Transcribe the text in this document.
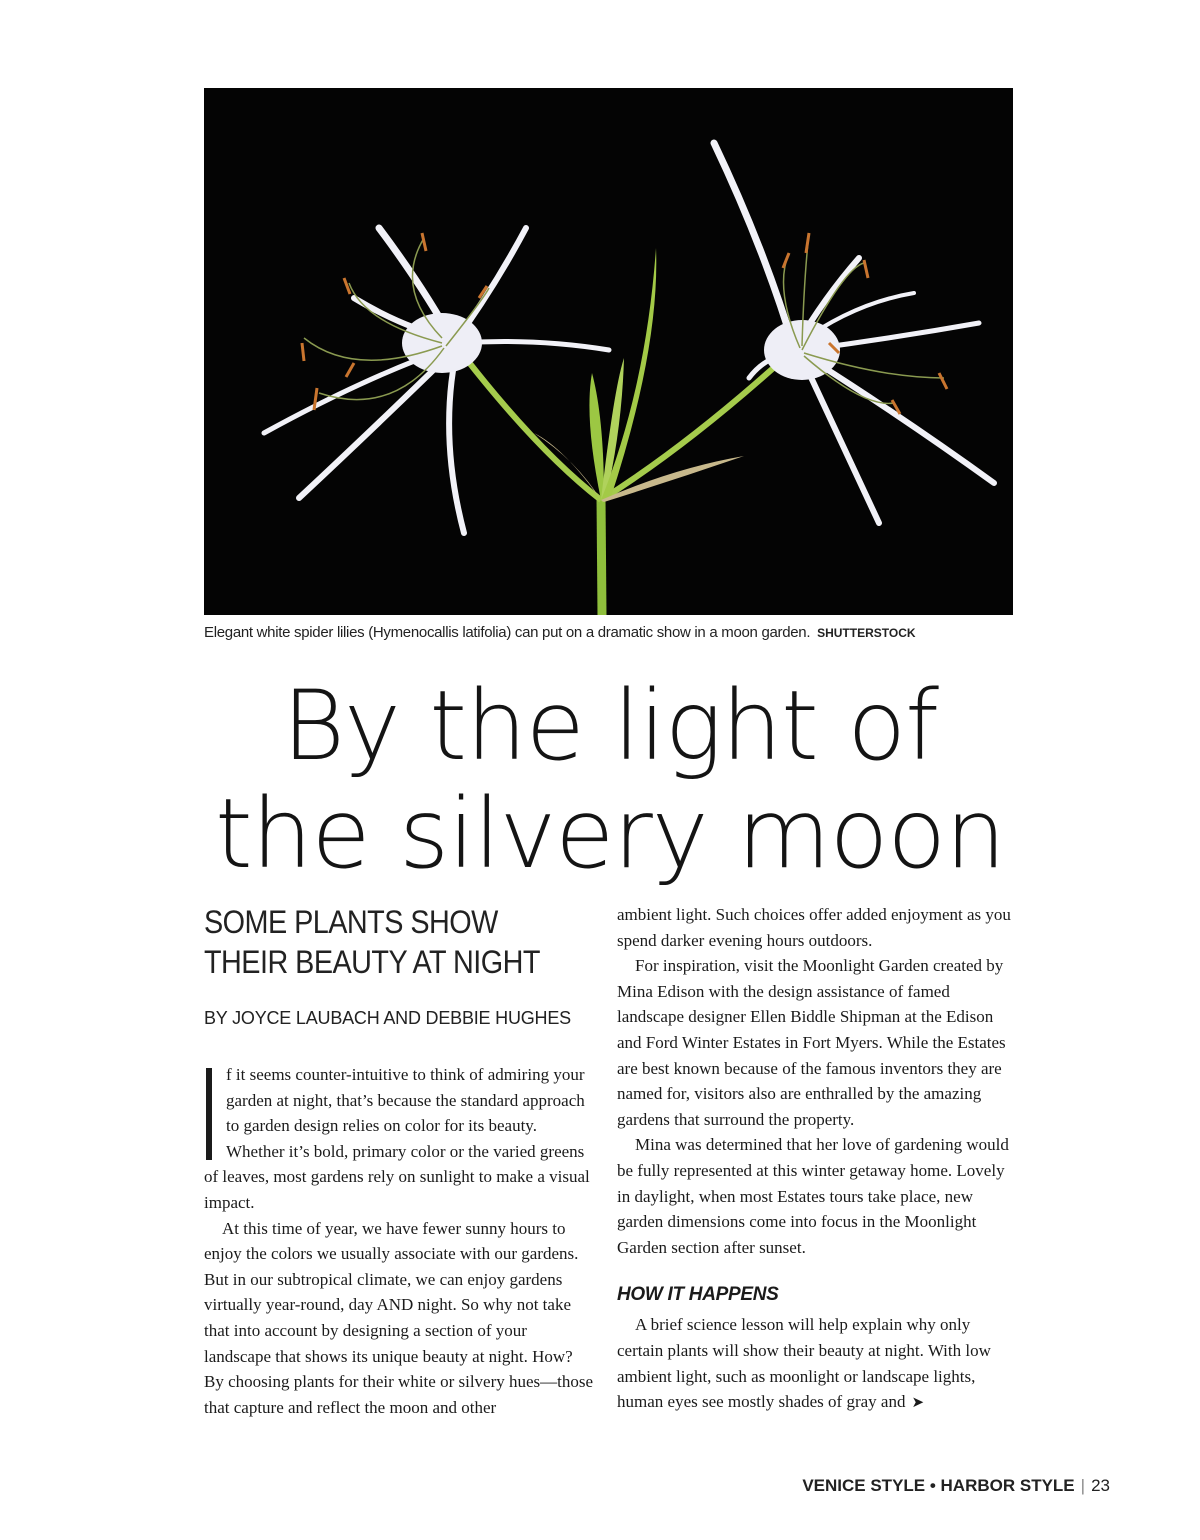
Elegant white spider lilies (Hymenocallis latifolia) can put on a dramatic show in a moon garden. SHUTTERSTOCK
By the light of
the silvery moon
SOME PLANTS SHOW
THEIR BEAUTY AT NIGHT
BY JOYCE LAUBACH AND DEBBIE HUGHES

f it seems counter-intuitive to think of admiring your garden at night, that’s because the standard approach to garden design relies on color for its beauty. Whether it’s bold, primary color or the varied greens of leaves, most gardens rely on sunlight to make a visual impact.

At this time of year, we have fewer sunny hours to enjoy the colors we usually associate with our gardens. But in our subtropical climate, we can enjoy gardens virtually year-round, day AND night. So why not take that into account by designing a section of your landscape that shows its unique beauty at night. How? By choosing plants for their white or silvery hues—those that capture and reflect the moon and other

ambient light. Such choices offer added enjoyment as you spend darker evening hours outdoors.

For inspiration, visit the Moonlight Garden created by Mina Edison with the design assistance of famed landscape designer Ellen Biddle Shipman at the Edison and Ford Winter Estates in Fort Myers. While the Estates are best known because of the famous inventors they are named for, visitors also are enthralled by the amazing gardens that surround the property.

Mina was determined that her love of gardening would be fully represented at this winter getaway home. Lovely in daylight, when most Estates tours take place, new garden dimensions come into focus in the Moonlight Garden section after sunset.

HOW IT HAPPENS

A brief science lesson will help explain why only certain plants will show their beauty at night. With low ambient light, such as moonlight or landscape lights, human eyes see mostly shades of gray and ➤

VENICE STYLE • HARBOR STYLE | 23
